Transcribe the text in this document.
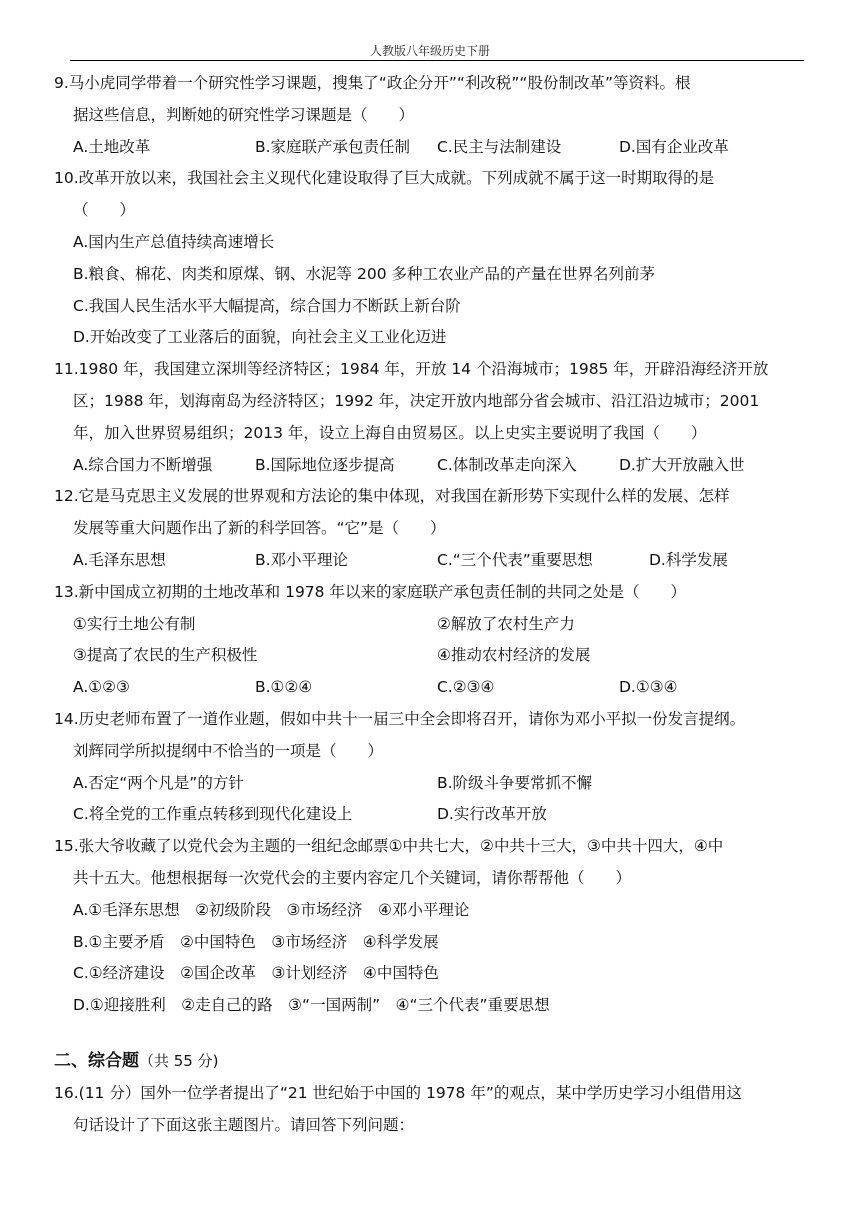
人教版八年级历史下册
9.马小虎同学带着一个研究性学习课题，搜集了“政企分开”“利改税”“股份制改革”等资料。根
据这些信息，判断她的研究性学习课题是（　　）
A.土地改革	B.家庭联产承包责任制 C.民主与法制建设	D.国有企业改革
10.改革开放以来，我国社会主义现代化建设取得了巨大成就。下列成就不属于这一时期取得的是
（　　）
A.国内生产总值持续高速增长
B.粮食、棉花、肉类和原煤、钢、水泥等 200 多种工农业产品的产量在世界名列前茅
C.我国人民生活水平大幅提高，综合国力不断跃上新台阶
D.开始改变了工业落后的面貌，向社会主义工业化迈进
11.1980 年，我国建立深圳等经济特区；1984 年，开放 14 个沿海城市；1985 年，开辟沿海经济开放
区；1988 年，划海南岛为经济特区；1992 年，决定开放内地部分省会城市、沿江沿边城市；2001
年，加入世界贸易组织；2013 年，设立上海自由贸易区。以上史实主要说明了我国（　　）
A.综合国力不断增强	B.国际地位逐步提高	C.体制改革走向深入	D.扩大开放融入世
12.它是马克思主义发展的世界观和方法论的集中体现，对我国在新形势下实现什么样的发展、怎样
发展等重大问题作出了新的科学回答。“它”是（　　）
A.毛泽东思想	B.邓小平理论	C.“三个代表”重要思想	D.科学发展
13.新中国成立初期的土地改革和 1978 年以来的家庭联产承包责任制的共同之处是（　　）
①实行土地公有制	②解放了农村生产力
③提高了农民的生产积极性	④推动农村经济的发展
A.①②③	B.①②④	C.②③④	D.①③④
14.历史老师布置了一道作业题，假如中共十一届三中全会即将召开，请你为邓小平拟一份发言提纲。
刘辉同学所拟提纲中不恰当的一项是（　　）
A.否定“两个凡是”的方针	B.阶级斗争要常抓不懈
C.将全党的工作重点转移到现代化建设上	D.实行改革开放
15.张大爷收藏了以党代会为主题的一组纪念邮票①中共七大，②中共十三大，③中共十四大，④中
共十五大。他想根据每一次党代会的主要内容定几个关键词，请你帮帮他（　　）
A.①毛泽东思想　②初级阶段　③市场经济　④邓小平理论
B.①主要矛盾　②中国特色　③市场经济　④科学发展
C.①经济建设　②国企改革　③计划经济　④中国特色
D.①迎接胜利　②走自己的路　③“一国两制”　④“三个代表”重要思想
二、综合题（共 55 分)
16.(11 分）国外一位学者提出了“21 世纪始于中国的 1978 年”的观点，某中学历史学习小组借用这
句话设计了下面这张主题图片。请回答下列问题：
